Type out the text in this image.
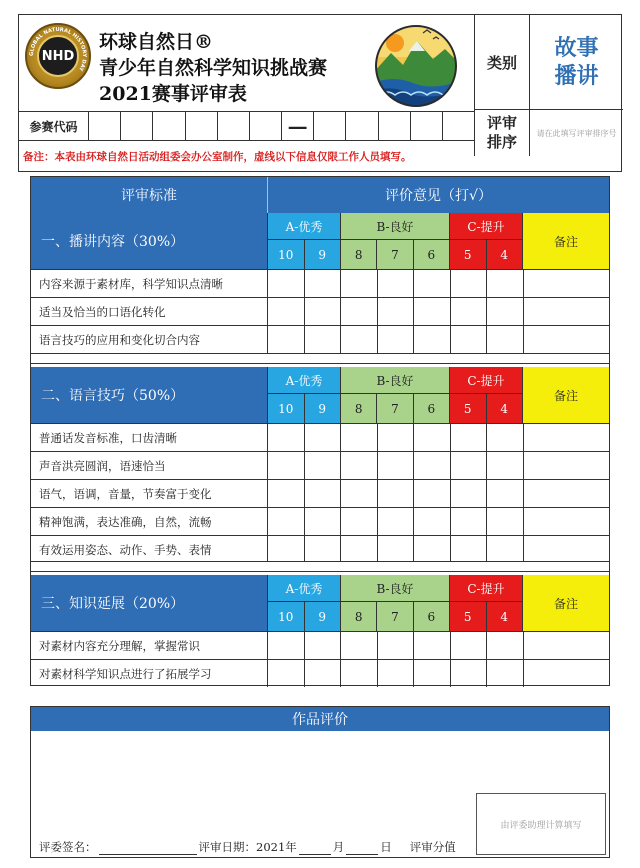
GLOBAL NATURAL HISTORY DAY
NHD
环球自然日®
青少年自然科学知识挑战赛
2021赛事评审表
类别
故事
播讲
评审排序	请在此填写评审排序号
参赛代码	—
备注：本表由环球自然日活动组委会办公室制作，虚线以下信息仅限工作人员填写。
评审标准	评价意见（打√）
一、播讲内容（30%）
A-优秀
10	9
B-良好
8	7	6
C-提升
5	4
备注
内容来源于素材库，科学知识点清晰
适当及恰当的口语化转化
语言技巧的应用和变化切合内容
二、语言技巧（50%）
A-优秀
10	9
B-良好
8	7	6
C-提升
5	4
备注
普通话发音标准，口齿清晰
声音洪亮圆润，语速恰当
语气，语调，音量，节奏富于变化
精神饱满，表达准确，自然，流畅
有效运用姿态、动作、手势、表情
三、知识延展（20%）
A-优秀
10	9
B-良好
8	7	6
C-提升
5	4
备注
对素材内容充分理解，掌握常识
对素材科学知识点进行了拓展学习
作品评价
由评委助理计算填写
评委签名：	评审日期： 2021年	月	日 评审分值
